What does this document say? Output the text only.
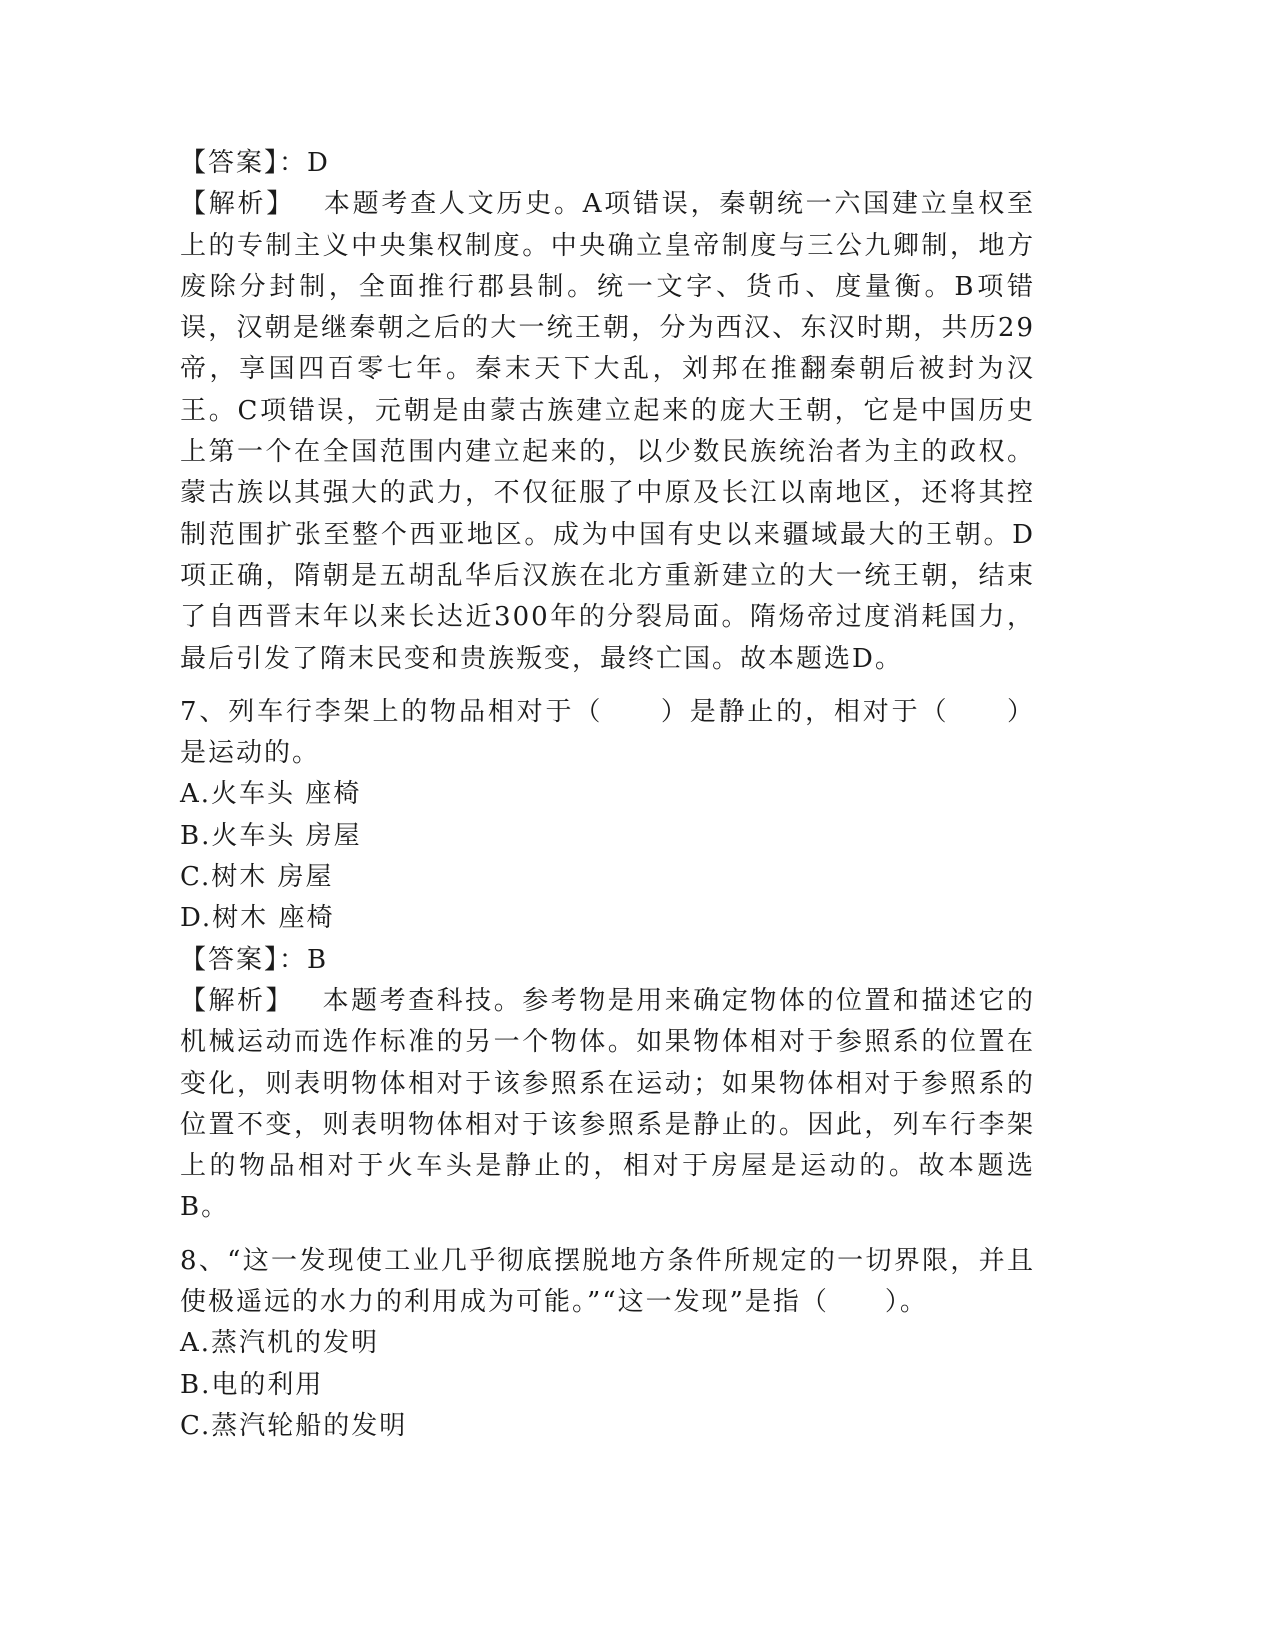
【答案】：D
【解析】  本题考查人文历史。A项错误，秦朝统一六国建立皇权至上的专制主义中央集权制度。中央确立皇帝制度与三公九卿制，地方废除分封制，全面推行郡县制。统一文字、货币、度量衡。B项错误，汉朝是继秦朝之后的大一统王朝，分为西汉、东汉时期，共历29帝，享国四百零七年。秦末天下大乱，刘邦在推翻秦朝后被封为汉王。C项错误，元朝是由蒙古族建立起来的庞大王朝，它是中国历史上第一个在全国范围内建立起来的，以少数民族统治者为主的政权。蒙古族以其强大的武力，不仅征服了中原及长江以南地区，还将其控制范围扩张至整个西亚地区。成为中国有史以来疆域最大的王朝。D项正确，隋朝是五胡乱华后汉族在北方重新建立的大一统王朝，结束了自西晋末年以来长达近300年的分裂局面。隋炀帝过度消耗国力，最后引发了隋末民变和贵族叛变，最终亡国。故本题选D。
7、列车行李架上的物品相对于（　　）是静止的，相对于（　　）是运动的。
A.火车头 座椅
B.火车头 房屋
C.树木 房屋
D.树木 座椅
【答案】：B
【解析】  本题考查科技。参考物是用来确定物体的位置和描述它的机械运动而选作标准的另一个物体。如果物体相对于参照系的位置在变化，则表明物体相对于该参照系在运动；如果物体相对于参照系的位置不变，则表明物体相对于该参照系是静止的。因此，列车行李架上的物品相对于火车头是静止的，相对于房屋是运动的。故本题选B。
8、“这一发现使工业几乎彻底摆脱地方条件所规定的一切界限，并且使极遥远的水力的利用成为可能。”“这一发现”是指（　　）。
A.蒸汽机的发明
B.电的利用
C.蒸汽轮船的发明
